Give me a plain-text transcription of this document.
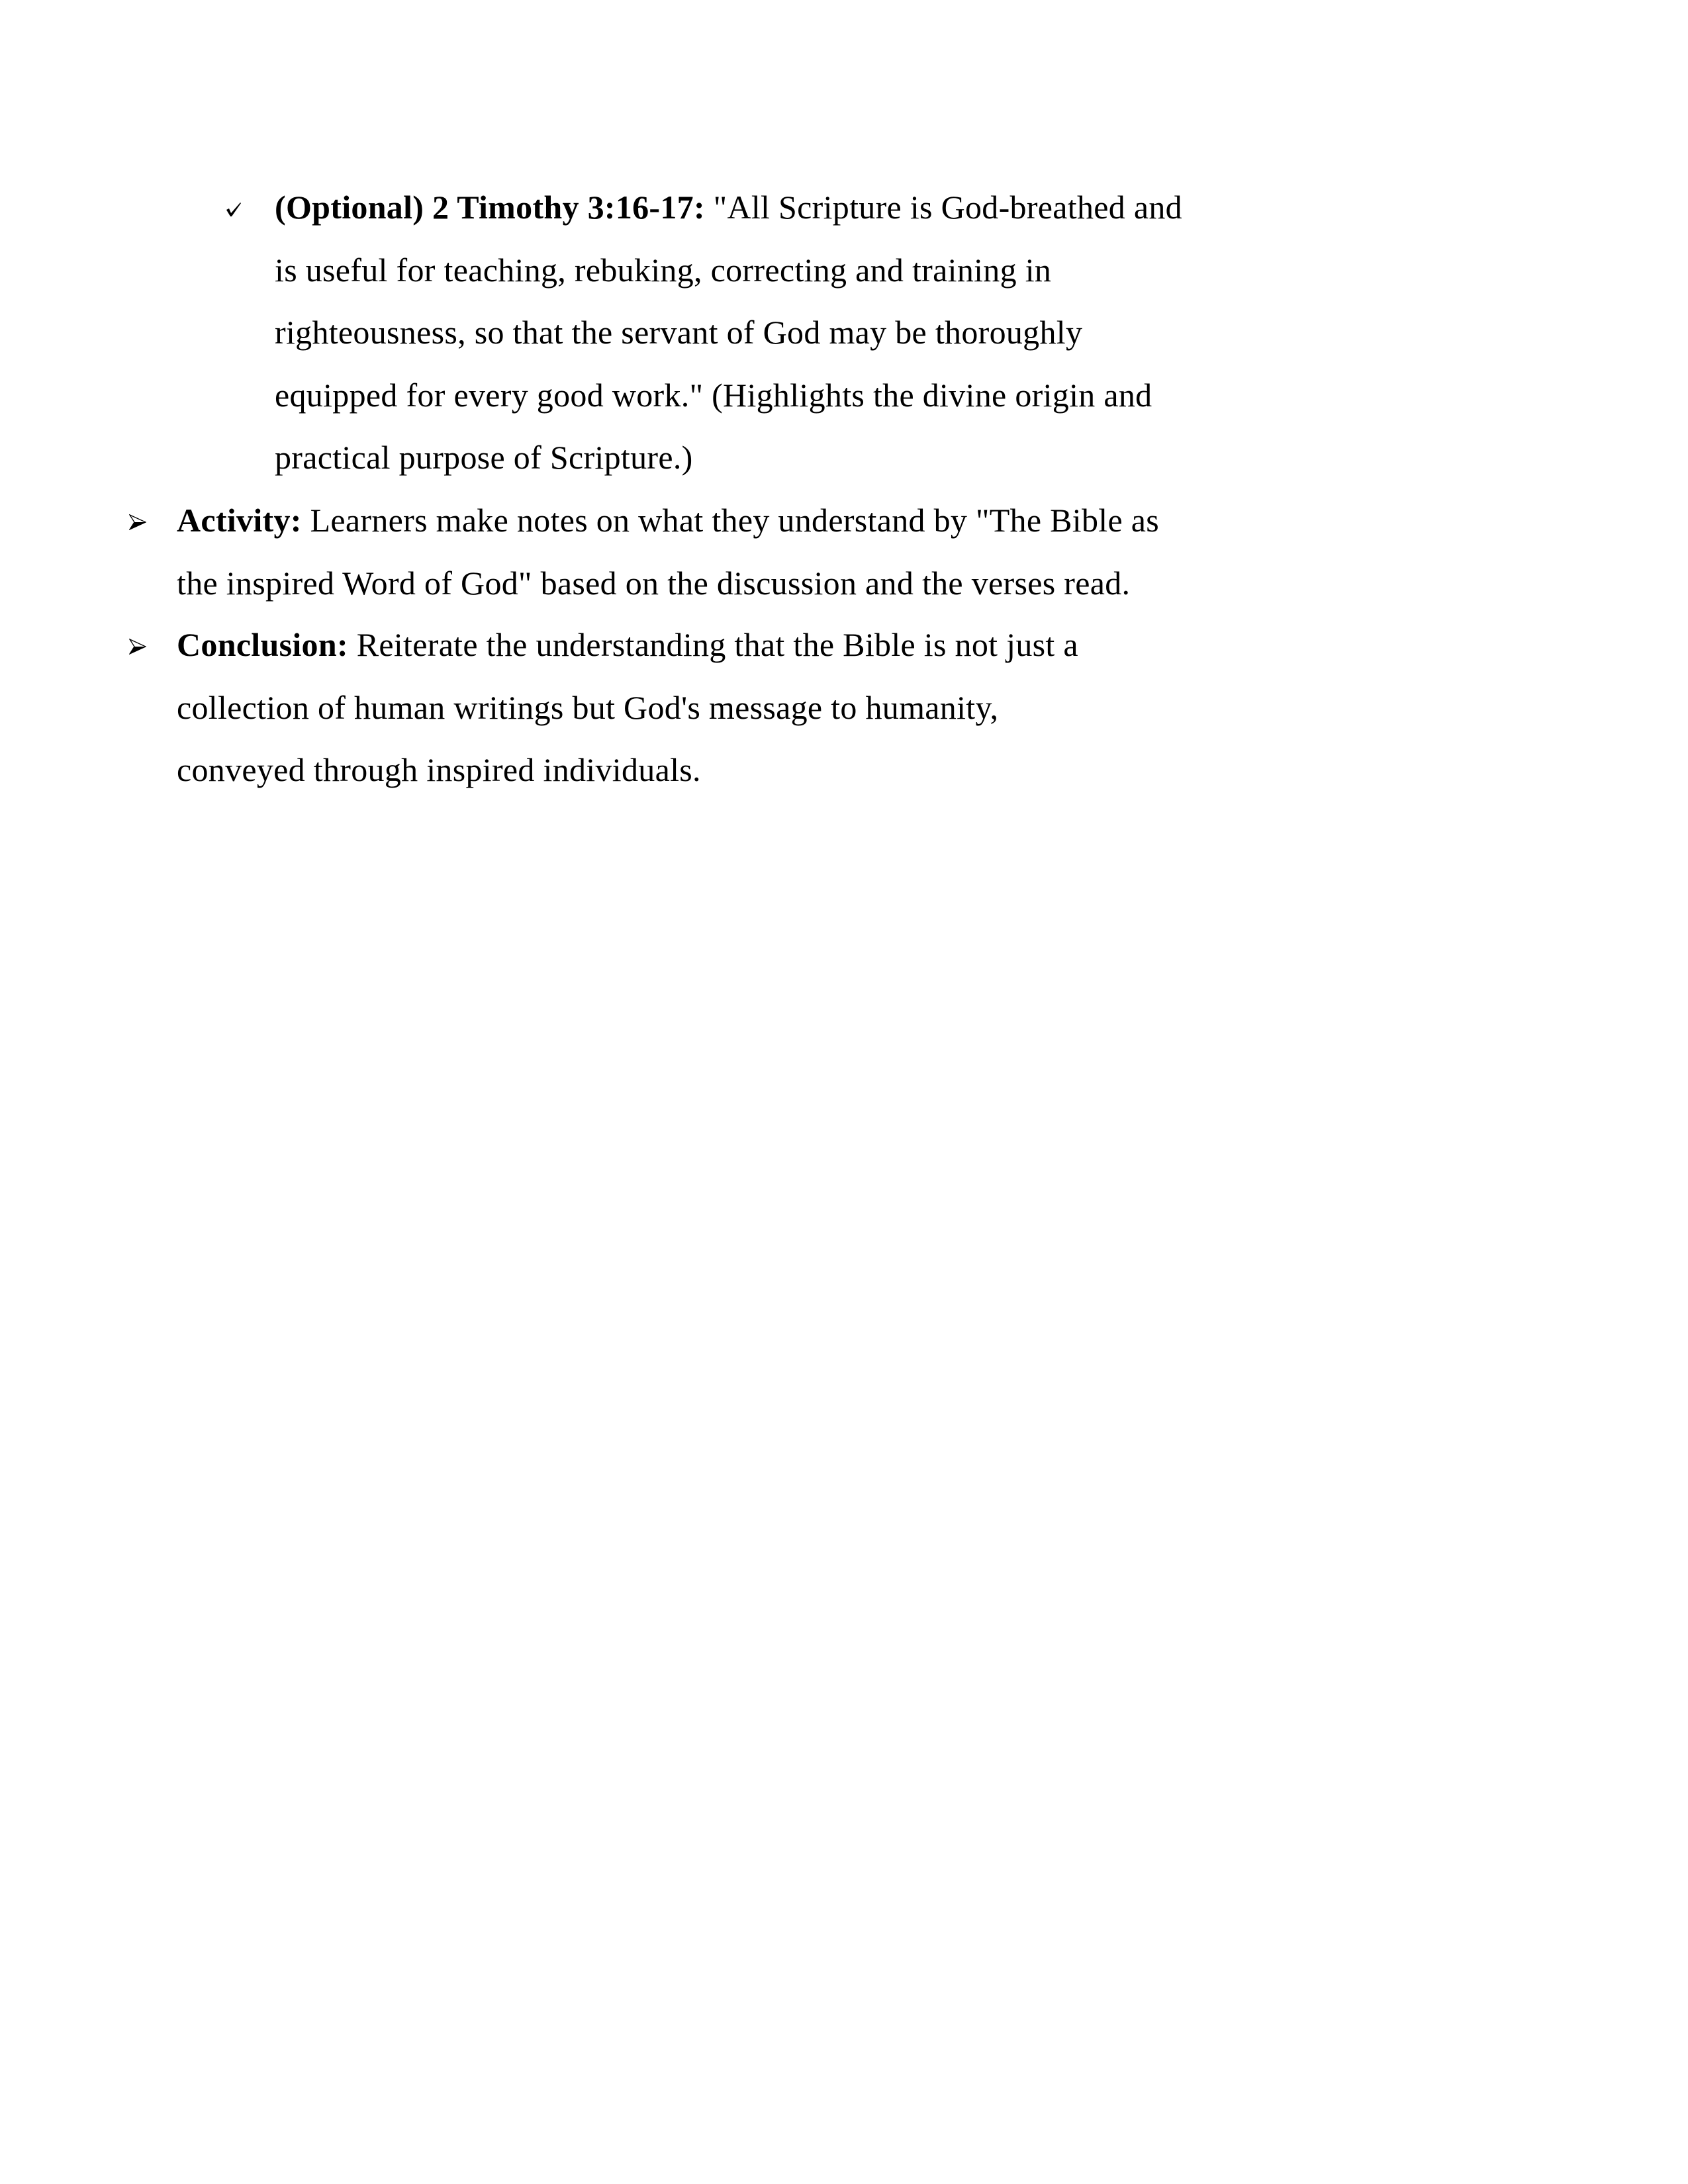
(Optional) 2 Timothy 3:16-17: "All Scripture is God-breathed and
is useful for teaching, rebuking, correcting and training in
righteousness, so that the servant of God may be thoroughly
equipped for every good work." (Highlights the divine origin and
practical purpose of Scripture.)
Activity: Learners make notes on what they understand by "The Bible as
the inspired Word of God" based on the discussion and the verses read.
Conclusion: Reiterate the understanding that the Bible is not just a
collection of human writings but God's message to humanity,
conveyed through inspired individuals.
